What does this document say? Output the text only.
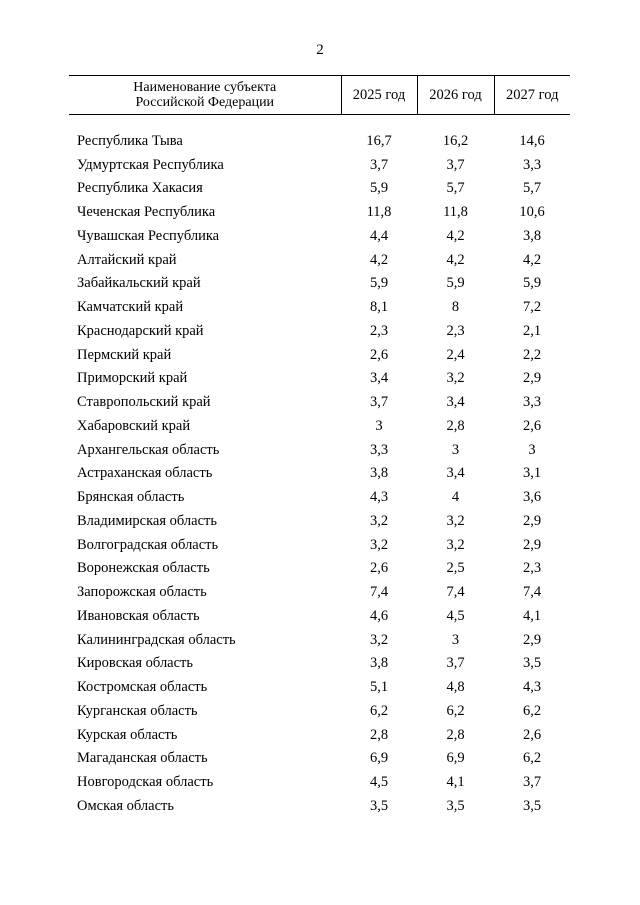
2
Наименование субъекта
Российской Федерации	2025 год	2026 год	2027 год

Республика Тыва	16,7	16,2	14,6
Удмуртская Республика	3,7	3,7	3,3
Республика Хакасия	5,9	5,7	5,7
Чеченская Республика	11,8	11,8	10,6
Чувашская Республика	4,4	4,2	3,8
Алтайский край	4,2	4,2	4,2
Забайкальский край	5,9	5,9	5,9
Камчатский край	8,1	8	7,2
Краснодарский край	2,3	2,3	2,1
Пермский край	2,6	2,4	2,2
Приморский край	3,4	3,2	2,9
Ставропольский край	3,7	3,4	3,3
Хабаровский край	3	2,8	2,6
Архангельская область	3,3	3	3
Астраханская область	3,8	3,4	3,1
Брянская область	4,3	4	3,6
Владимирская область	3,2	3,2	2,9
Волгоградская область	3,2	3,2	2,9
Воронежская область	2,6	2,5	2,3
Запорожская область	7,4	7,4	7,4
Ивановская область	4,6	4,5	4,1
Калининградская область	3,2	3	2,9
Кировская область	3,8	3,7	3,5
Костромская область	5,1	4,8	4,3
Курганская область	6,2	6,2	6,2
Курская область	2,8	2,8	2,6
Магаданская область	6,9	6,9	6,2
Новгородская область	4,5	4,1	3,7
Омская область	3,5	3,5	3,5
